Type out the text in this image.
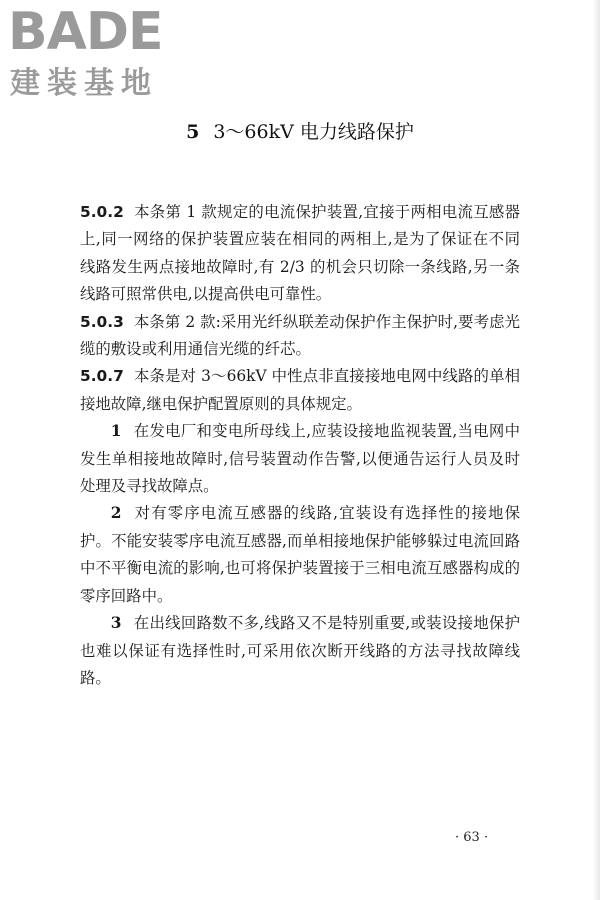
BADE
建装基地
5 3～66kV 电力线路保护

5.0.2 本条第 1 款规定的电流保护装置,宜接于两相电流互感器上,同一网络的保护装置应装在相同的两相上,是为了保证在不同线路发生两点接地故障时,有 2/3 的机会只切除一条线路,另一条线路可照常供电,以提高供电可靠性。

5.0.3 本条第 2 款:采用光纤纵联差动保护作主保护时,要考虑光缆的敷设或利用通信光缆的纤芯。

5.0.7 本条是对 3～66kV 中性点非直接接地电网中线路的单相接地故障,继电保护配置原则的具体规定。

1 在发电厂和变电所母线上,应装设接地监视装置,当电网中发生单相接地故障时,信号装置动作告警,以便通告运行人员及时处理及寻找故障点。

2 对有零序电流互感器的线路,宜装设有选择性的接地保护。不能安装零序电流互感器,而单相接地保护能够躲过电流回路中不平衡电流的影响,也可将保护装置接于三相电流互感器构成的零序回路中。

3 在出线回路数不多,线路又不是特别重要,或装设接地保护也难以保证有选择性时,可采用依次断开线路的方法寻找故障线路。

· 63 ·
